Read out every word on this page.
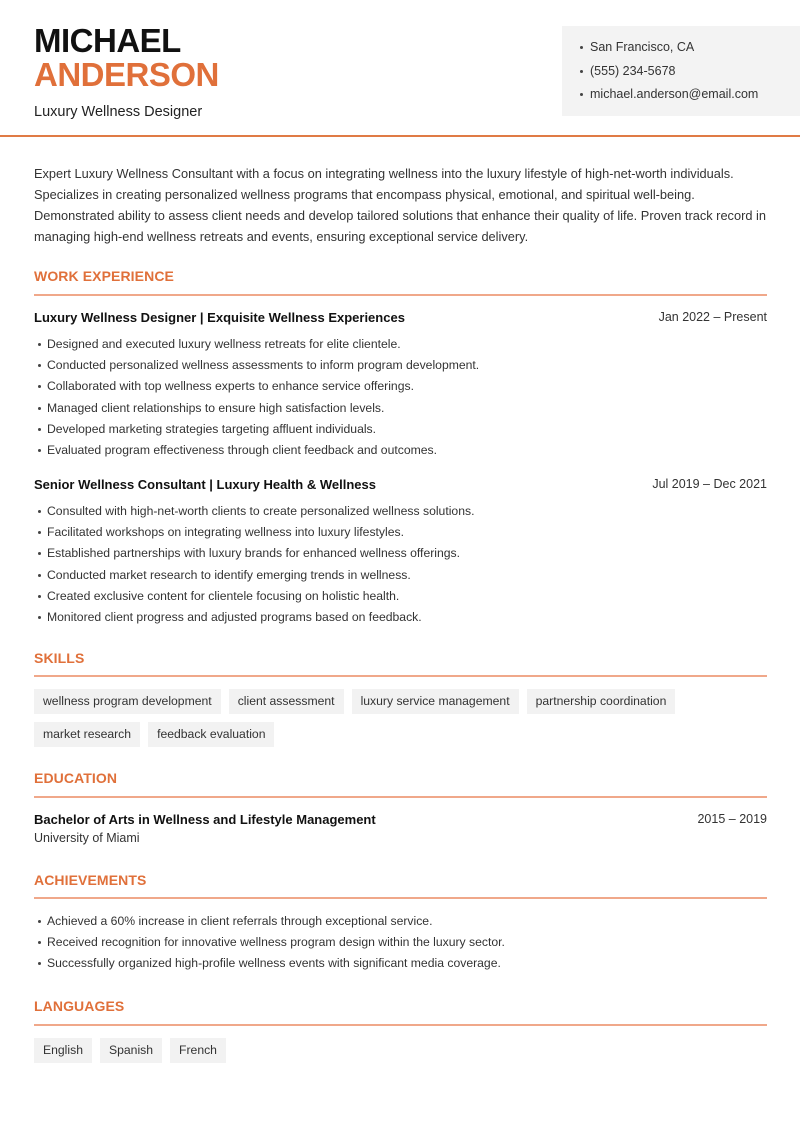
MICHAEL
ANDERSON
Luxury Wellness Designer
San Francisco, CA
(555) 234-5678
michael.anderson@email.com

Expert Luxury Wellness Consultant with a focus on integrating wellness into the luxury lifestyle of high-net-worth individuals. Specializes in creating personalized wellness programs that encompass physical, emotional, and spiritual well-being. Demonstrated ability to assess client needs and develop tailored solutions that enhance their quality of life. Proven track record in managing high-end wellness retreats and events, ensuring exceptional service delivery.

WORK EXPERIENCE
Luxury Wellness Designer | Exquisite Wellness Experiences	Jan 2022 – Present
Designed and executed luxury wellness retreats for elite clientele.
Conducted personalized wellness assessments to inform program development.
Collaborated with top wellness experts to enhance service offerings.
Managed client relationships to ensure high satisfaction levels.
Developed marketing strategies targeting affluent individuals.
Evaluated program effectiveness through client feedback and outcomes.
Senior Wellness Consultant | Luxury Health & Wellness	Jul 2019 – Dec 2021
Consulted with high-net-worth clients to create personalized wellness solutions.
Facilitated workshops on integrating wellness into luxury lifestyles.
Established partnerships with luxury brands for enhanced wellness offerings.
Conducted market research to identify emerging trends in wellness.
Created exclusive content for clientele focusing on holistic health.
Monitored client progress and adjusted programs based on feedback.
SKILLS
wellness program development	client assessment	luxury service management	partnership coordination
market research	feedback evaluation
EDUCATION
Bachelor of Arts in Wellness and Lifestyle Management	2015 – 2019
University of Miami
ACHIEVEMENTS
Achieved a 60% increase in client referrals through exceptional service.
Received recognition for innovative wellness program design within the luxury sector.
Successfully organized high-profile wellness events with significant media coverage.
LANGUAGES
English	Spanish	French
